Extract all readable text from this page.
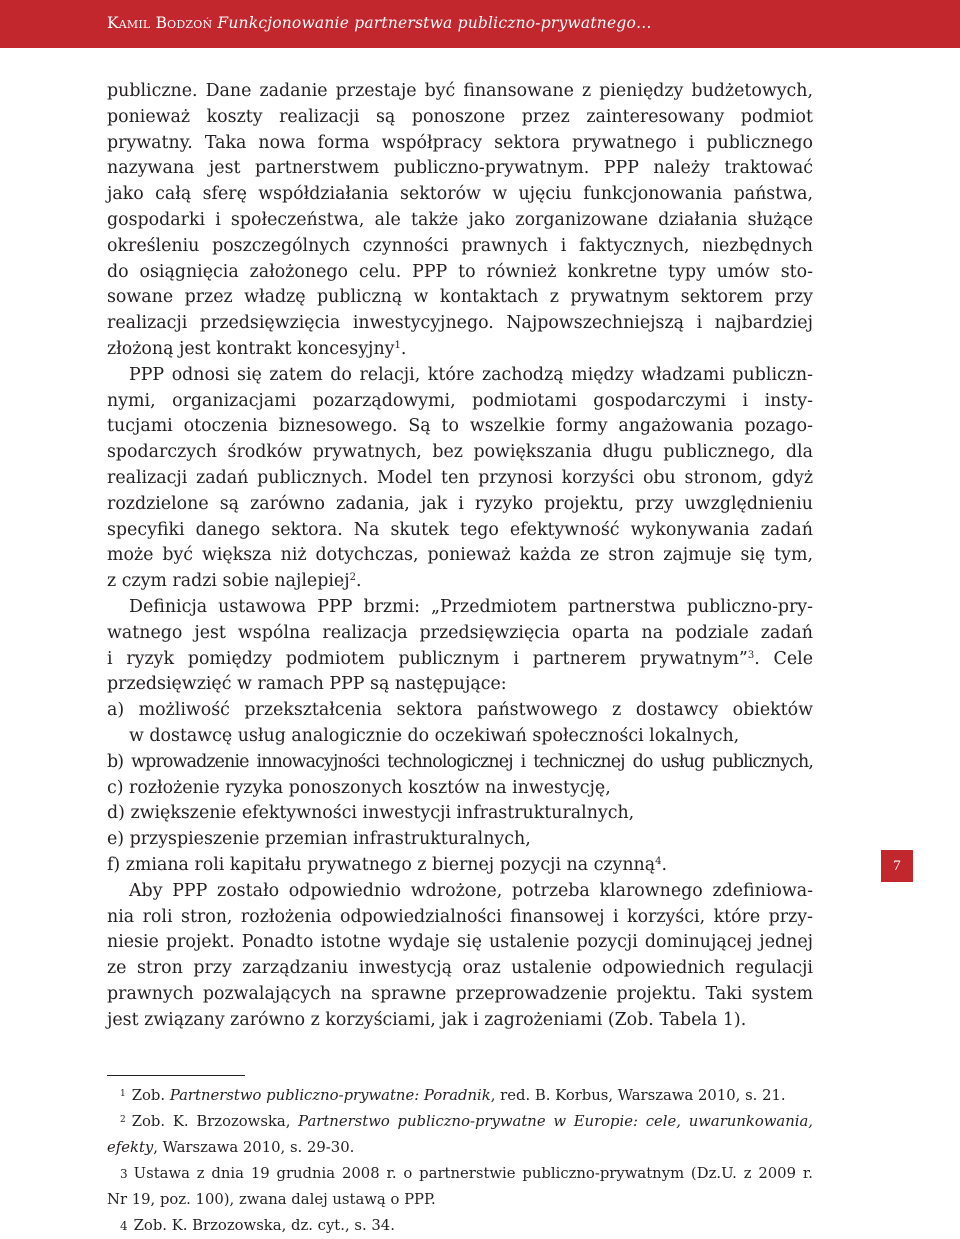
Kamil Bodzoń Funkcjonowanie partnerstwa publiczno-prywatnego…
publiczne. Dane zadanie przestaje być finansowane z pieniędzy budżetowych,
ponieważ koszty realizacji są ponoszone przez zainteresowany podmiot
prywatny. Taka nowa forma współpracy sektora prywatnego i publicznego
nazywana jest partnerstwem publiczno-prywatnym. PPP należy traktować
jako całą sferę współdziałania sektorów w ujęciu funkcjonowania państwa,
gospodarki i społeczeństwa, ale także jako zorganizowane działania służące
określeniu poszczególnych czynności prawnych i faktycznych, niezbędnych
do osiągnięcia założonego celu. PPP to również konkretne typy umów sto-
sowane przez władzę publiczną w kontaktach z prywatnym sektorem przy
realizacji przedsięwzięcia inwestycyjnego. Najpowszechniejszą i najbardziej
złożoną jest kontrakt koncesyjny$^1$.
PPP odnosi się zatem do relacji, które zachodzą między władzami publiczn-
nymi, organizacjami pozarządowymi, podmiotami gospodarczymi i insty-
tucjami otoczenia biznesowego. Są to wszelkie formy angażowania pozago-
spodarczych środków prywatnych, bez powiększania długu publicznego, dla
realizacji zadań publicznych. Model ten przynosi korzyści obu stronom, gdyż
rozdzielone są zarówno zadania, jak i ryzyko projektu, przy uwzględnieniu
specyfiki danego sektora. Na skutek tego efektywność wykonywania zadań
może być większa niż dotychczas, ponieważ każda ze stron zajmuje się tym,
z czym radzi sobie najlepiej$^2$.
Definicja ustawowa PPP brzmi: „Przedmiotem partnerstwa publiczno-pry-
watnego jest wspólna realizacja przedsięwzięcia oparta na podziale zadań
i ryzyk pomiędzy podmiotem publicznym i partnerem prywatnym”$^3$. Cele
przedsięwzięć w ramach PPP są następujące:
a) możliwość przekształcenia sektora państwowego z dostawcy obiektów
w dostawcę usług analogicznie do oczekiwań społeczności lokalnych,
b) wprowadzenie innowacyjności technologicznej i technicznej do usług publicznych,
c) rozłożenie ryzyka ponoszonych kosztów na inwestycję,
d) zwiększenie efektywności inwestycji infrastrukturalnych,
e) przyspieszenie przemian infrastrukturalnych,
f) zmiana roli kapitału prywatnego z biernej pozycji na czynną$^4$.
Aby PPP zostało odpowiednio wdrożone, potrzeba klarownego zdefiniowa-
nia roli stron, rozłożenia odpowiedzialności finansowej i korzyści, które przy-
niesie projekt. Ponadto istotne wydaje się ustalenie pozycji dominującej jednej
ze stron przy zarządzaniu inwestycją oraz ustalenie odpowiednich regulacji
prawnych pozwalających na sprawne przeprowadzenie projektu. Taki system
jest związany zarówno z korzyściami, jak i zagrożeniami (Zob. Tabela 1).
7
$^1$ Zob. Partnerstwo publiczno-prywatne: Poradnik, red. B. Korbus, Warszawa 2010, s. 21.
$^2$ Zob. K. Brzozowska, Partnerstwo publiczno-prywatne w Europie: cele, uwarunkowania,
efekty, Warszawa 2010, s. 29-30.
3 Ustawa z dnia 19 grudnia 2008 r. o partnerstwie publiczno-prywatnym (Dz.U. z 2009 r.
Nr 19, poz. 100), zwana dalej ustawą o PPP.
4 Zob. K. Brzozowska, dz. cyt., s. 34.
